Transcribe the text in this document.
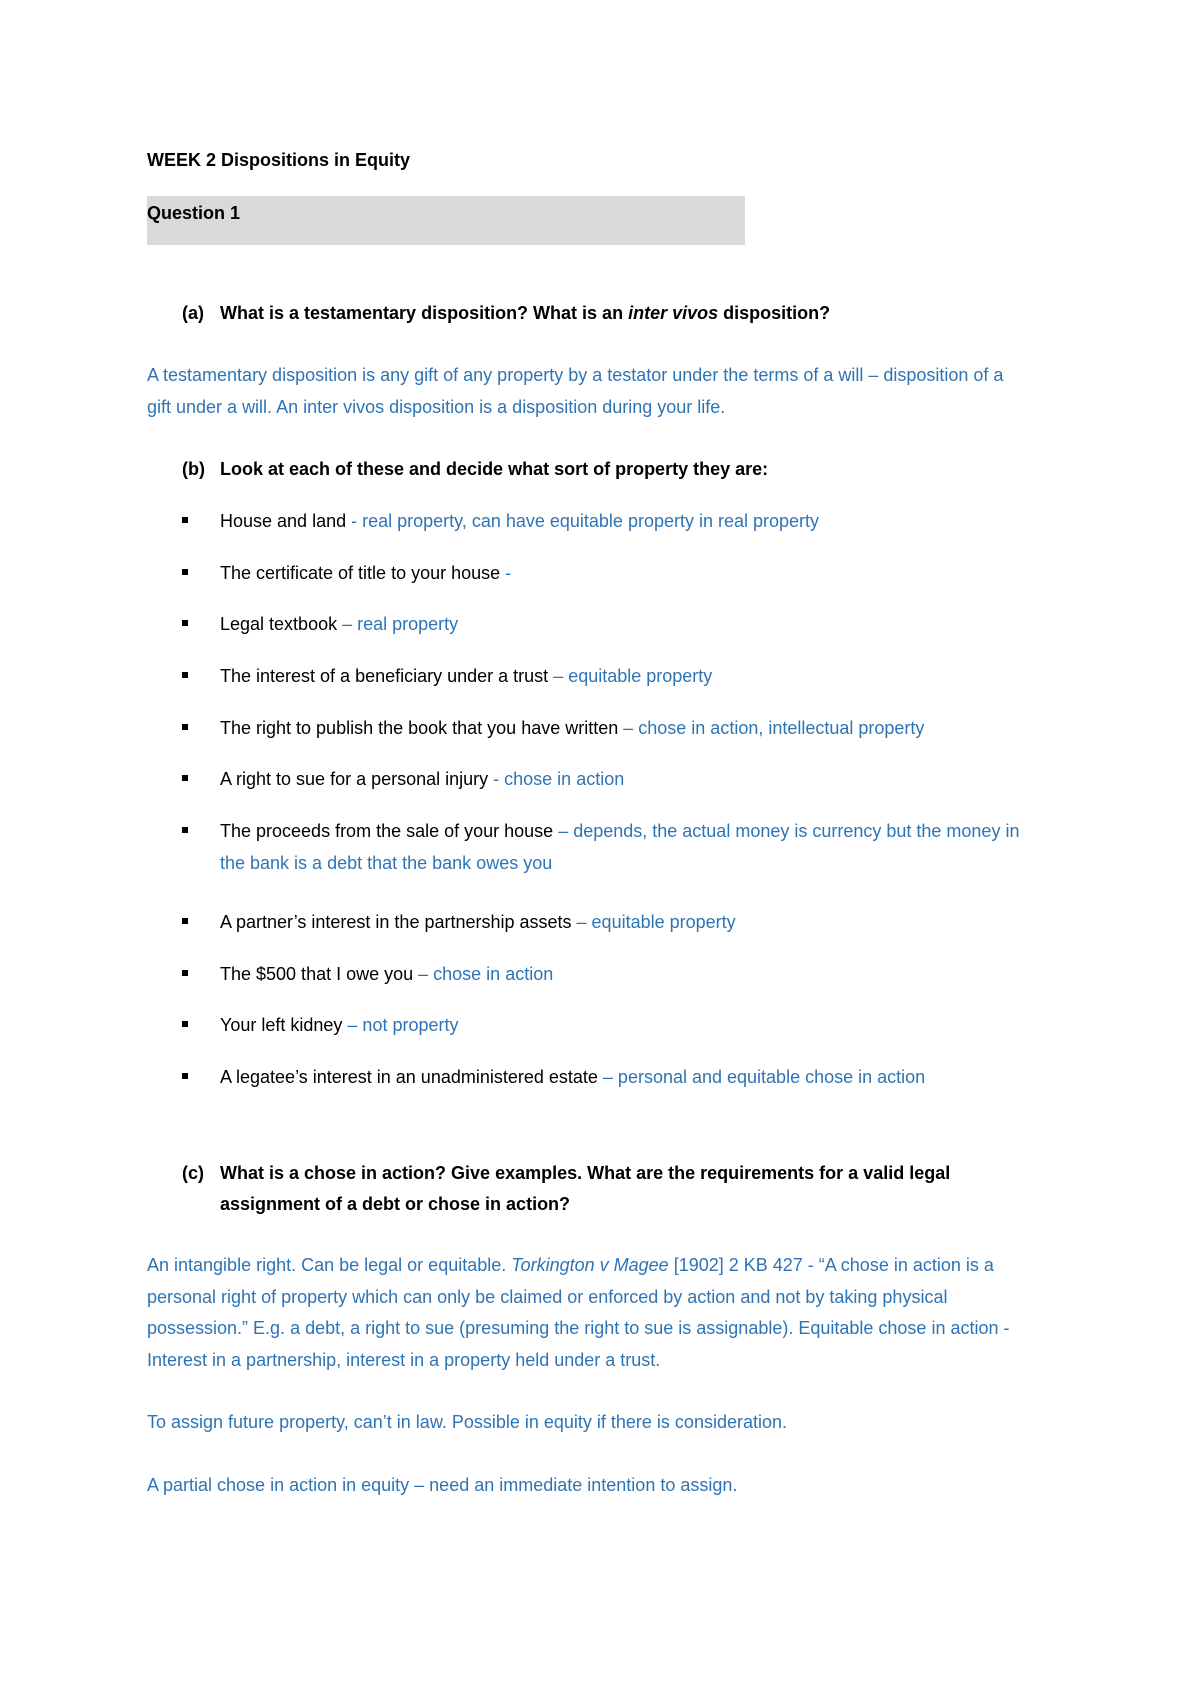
WEEK 2 Dispositions in Equity
Question 1
(a) What is a testamentary disposition? What is an inter vivos disposition?
A testamentary disposition is any gift of any property by a testator under the terms of a will – disposition of a gift under a will. An inter vivos disposition is a disposition during your life.
(b) Look at each of these and decide what sort of property they are:
House and land - real property, can have equitable property in real property
The certificate of title to your house -
Legal textbook – real property
The interest of a beneficiary under a trust – equitable property
The right to publish the book that you have written – chose in action, intellectual property
A right to sue for a personal injury - chose in action
The proceeds from the sale of your house – depends, the actual money is currency but the money in the bank is a debt that the bank owes you
A partner’s interest in the partnership assets – equitable property
The $500 that I owe you – chose in action
Your left kidney – not property
A legatee’s interest in an unadministered estate – personal and equitable chose in action
(c) What is a chose in action? Give examples. What are the requirements for a valid legal assignment of a debt or chose in action?
An intangible right. Can be legal or equitable. Torkington v Magee [1902] 2 KB 427 - “A chose in action is a personal right of property which can only be claimed or enforced by action and not by taking physical possession.” E.g. a debt, a right to sue (presuming the right to sue is assignable). Equitable chose in action - Interest in a partnership, interest in a property held under a trust.
To assign future property, can’t in law. Possible in equity if there is consideration.
A partial chose in action in equity – need an immediate intention to assign.
